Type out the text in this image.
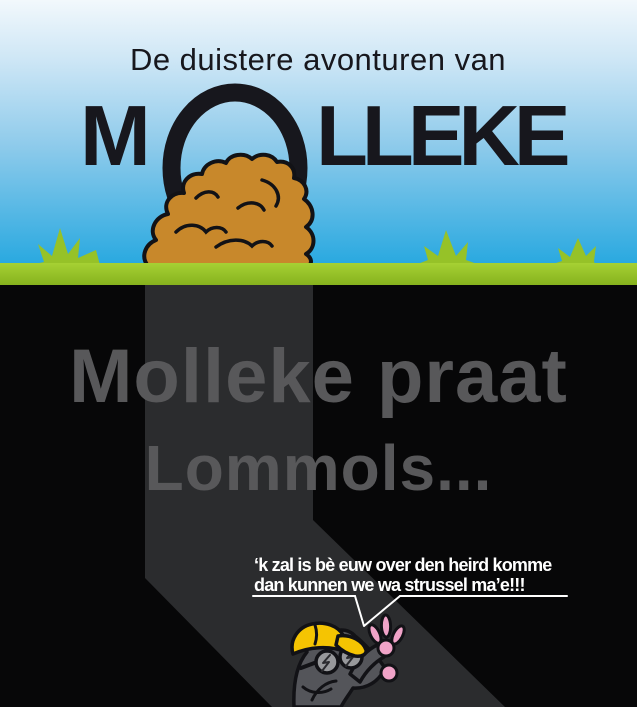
De duistere avonturen van
M LLEKE
Molleke praat
Lommols...
‘k zal is bè euw over den heird komme
dan kunnen we wa strussel ma’e!!!
